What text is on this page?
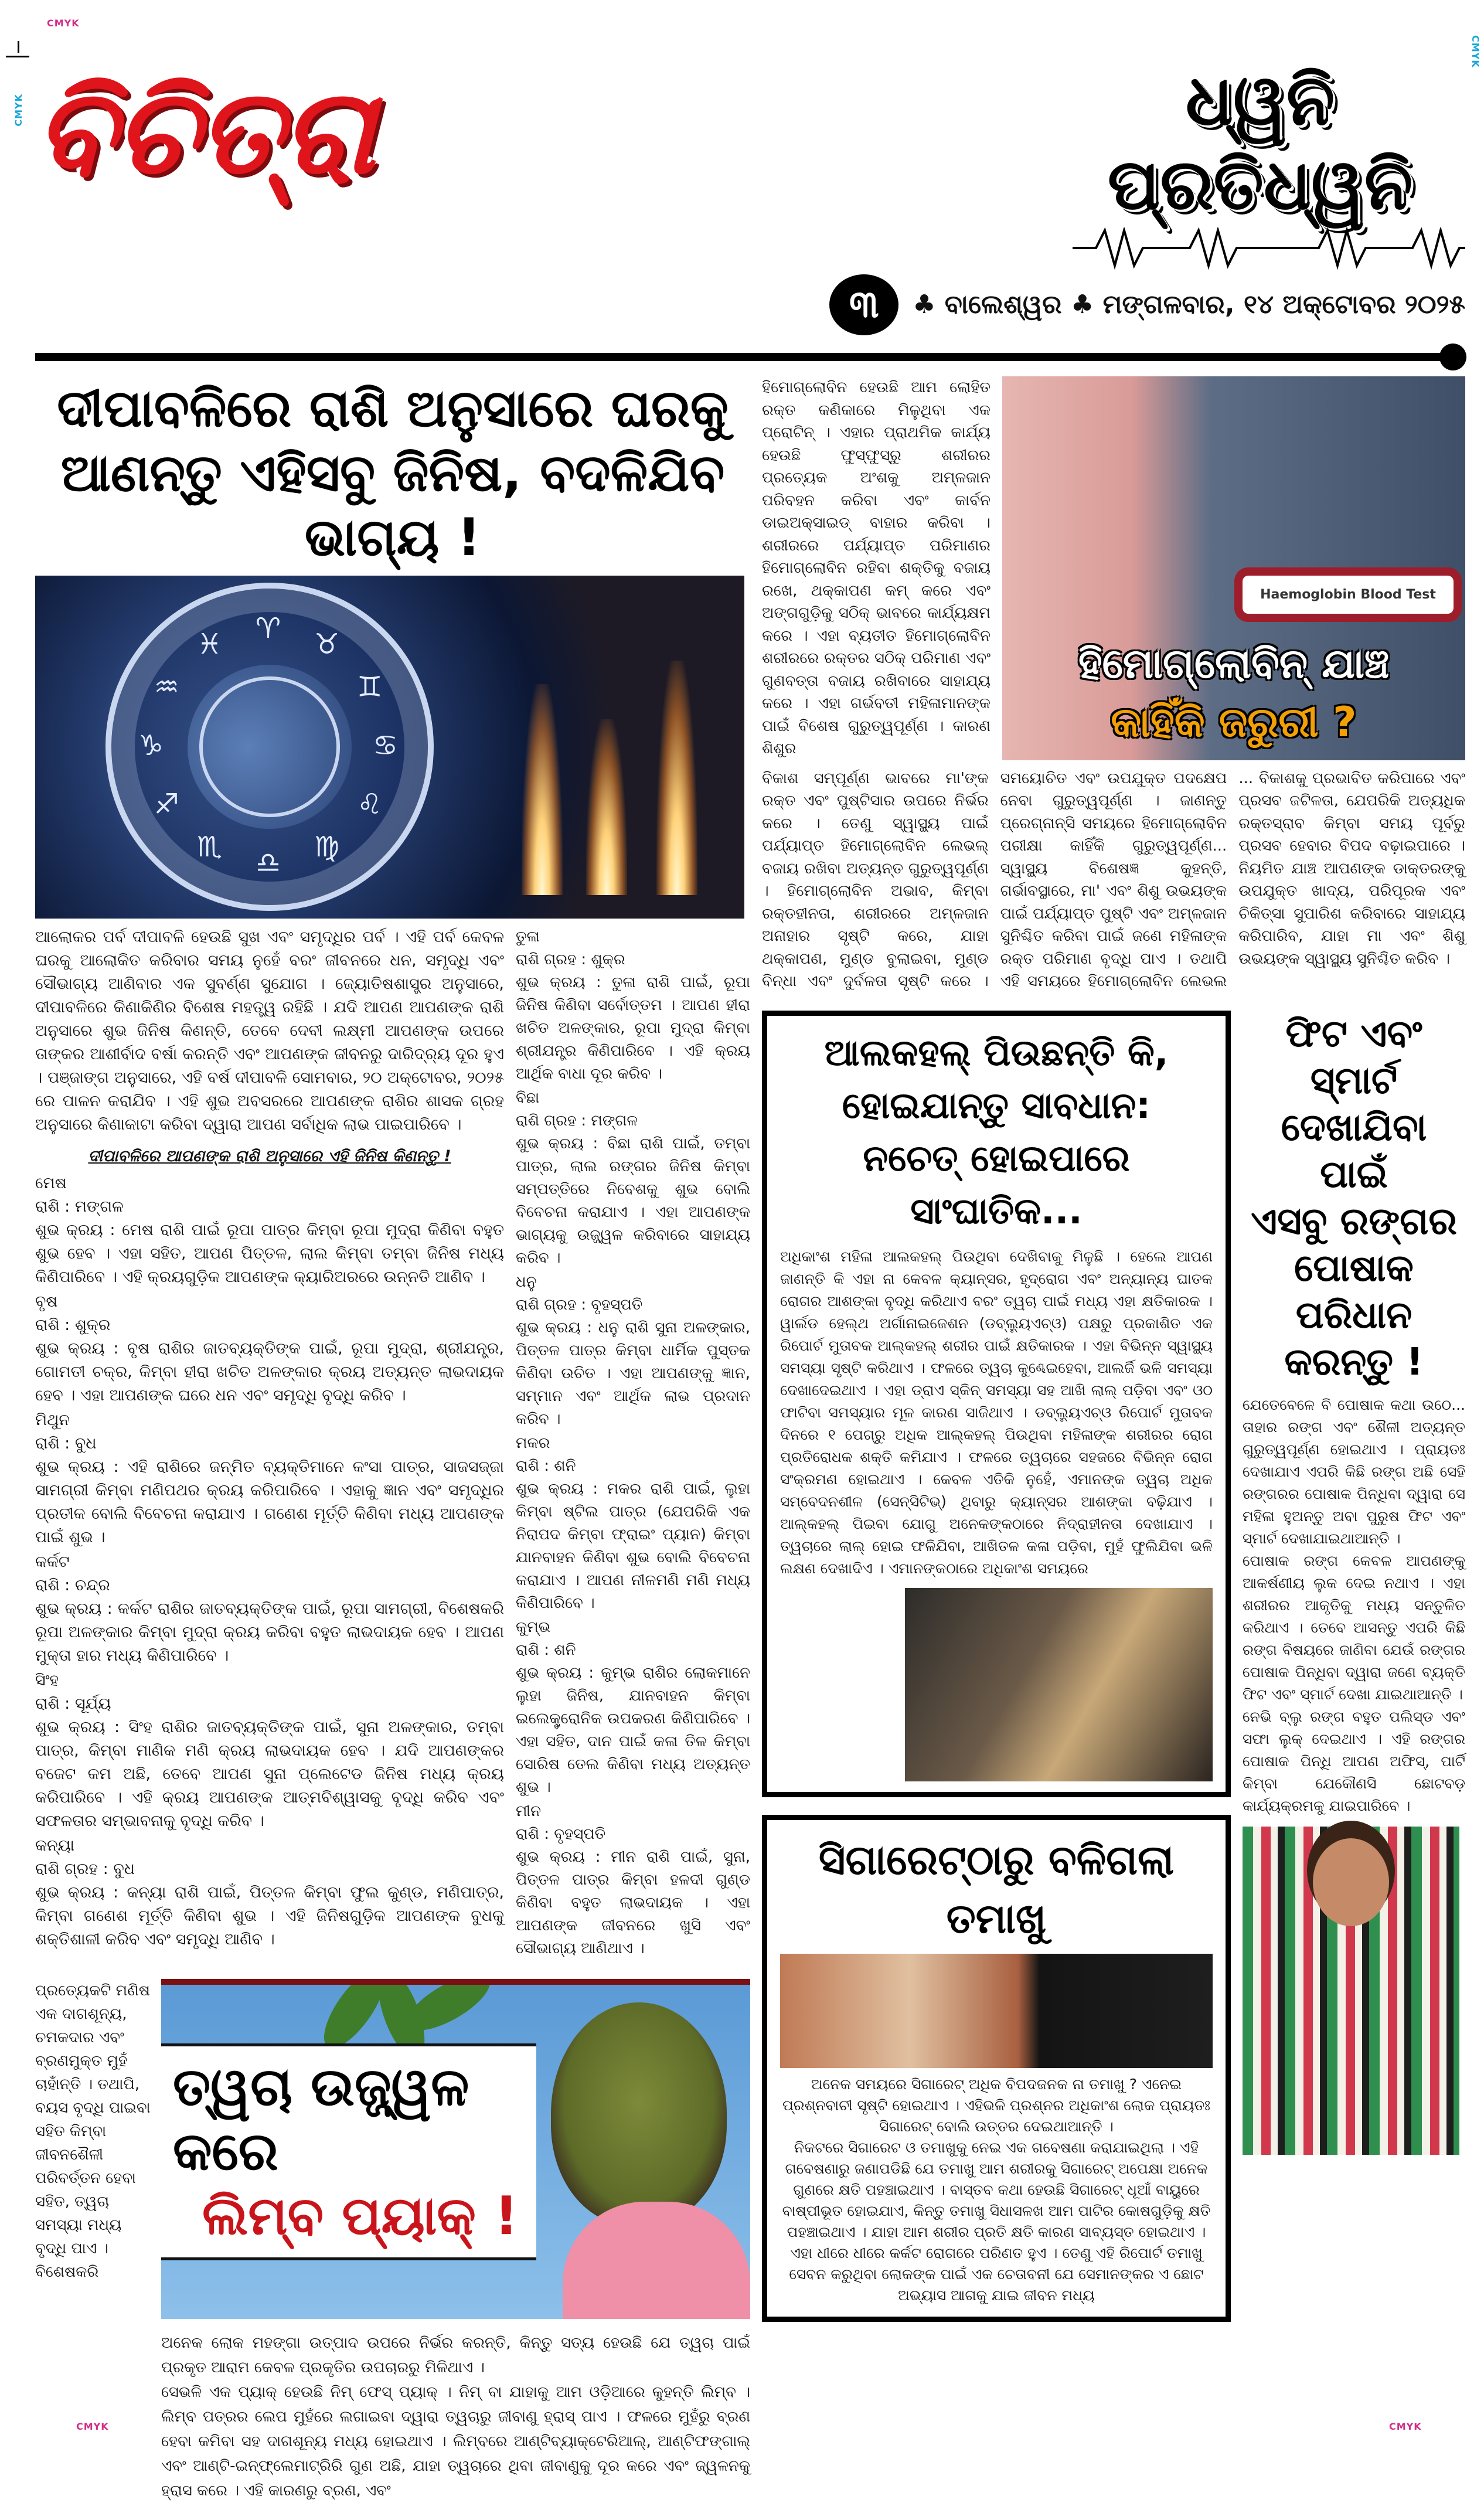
CMYK
CMYK
CMYK
CMYK	CMYK
ବିଚିତ୍ରା	ଧ୍ୱନି ପ୍ରତିଧ୍ୱନି
୩	♣ ବାଲେଶ୍ୱର ♣ ମଙ୍ଗଳବାର, ୧୪ ଅକ୍ଟୋବର ୨୦୨୫
ଦୀପାବଳିରେ ରାଶି ଅନୁସାରେ ଘରକୁ
ଆଣନ୍ତୁ ଏହିସବୁ ଜିନିଷ, ବଦଳିଯିବ ଭାଗ୍ୟ !
♈ ♉
♊
♋
♌
♍
♎
♏
♐
♑
♒
♓
ଆଲୋକର ପର୍ବ ଦୀପାବଳି ହେଉଛି ସୁଖ ଏବଂ ସମୃଦ୍ଧିର ପର୍ବ । ଏହି ପର୍ବ କେବଳ ଘରକୁ ଆଲୋକିତ କରିବାର ସମୟ ନୁହେଁ ବରଂ ଜୀବନରେ ଧନ, ସମୃଦ୍ଧି ଏବଂ ସୌଭାଗ୍ୟ ଆଣିବାର ଏକ ସୁବର୍ଣ୍ଣ ସୁଯୋଗ । ଜ୍ୟୋତିଷଶାସ୍ତ୍ର ଅନୁସାରେ, ଦୀପାବଳିରେ କିଣାକିଣିର ବିଶେଷ ମହତ୍ତ୍ୱ ରହିଛି । ଯଦି ଆପଣ ଆପଣଙ୍କ ରାଶି ଅନୁସାରେ ଶୁଭ ଜିନିଷ କିଣନ୍ତି, ତେବେ ଦେବୀ ଲକ୍ଷ୍ମୀ ଆପଣଙ୍କ ଉପରେ ତାଙ୍କର ଆଶୀର୍ବାଦ ବର୍ଷା କରନ୍ତି ଏବଂ ଆପଣଙ୍କ ଜୀବନରୁ ଦାରିଦ୍ର୍ୟ ଦୂର ହୁଏ । ପଞ୍ଜାଙ୍ଗ ଅନୁସାରେ, ଏହି ବର୍ଷ ଦୀପାବଳି ସୋମବାର, ୨୦ ଅକ୍ଟୋବର, ୨୦୨୫ ରେ ପାଳନ କରାଯିବ । ଏହି ଶୁଭ ଅବସରରେ ଆପଣଙ୍କ ରାଶିର ଶାସକ ଗ୍ରହ ଅନୁସାରେ କିଣାକାଟା କରିବା ଦ୍ୱାରା ଆପଣ ସର୍ବାଧିକ ଲାଭ ପାଇପାରିବେ ।
ଦୀପାବଳିରେ ଆପଣଙ୍କ ରାଶି ଅନୁସାରେ ଏହି ଜିନିଷ କିଣନ୍ତୁ !
ମେଷ
ରାଶି : ମଙ୍ଗଳ
ଶୁଭ କ୍ରୟ : ମେଷ ରାଶି ପାଇଁ ରୂପା ପାତ୍ର କିମ୍ବା ରୂପା ମୁଦ୍ରା କିଣିବା ବହୁତ ଶୁଭ ହେବ । ଏହା ସହିତ, ଆପଣ ପିତ୍ତଳ, ଲାଲ କିମ୍ବା ତମ୍ବା ଜିନିଷ ମଧ୍ୟ କିଣିପାରିବେ । ଏହି କ୍ରୟଗୁଡ଼ିକ ଆପଣଙ୍କ କ୍ୟାରିଅରରେ ଉନ୍ନତି ଆଣିବ ।
ବୃଷ
ରାଶି : ଶୁକ୍ର
ଶୁଭ କ୍ରୟ : ବୃଷ ରାଶିର ଜାତବ୍ୟକ୍ତିଙ୍କ ପାଇଁ, ରୂପା ମୁଦ୍ରା, ଶ୍ରୀଯନ୍ତ୍ର, ଗୋମତୀ ଚକ୍ର, କିମ୍ବା ହୀରା ଖଚିତ ଅଳଙ୍କାର କ୍ରୟ ଅତ୍ୟନ୍ତ ଲାଭଦାୟକ ହେବ । ଏହା ଆପଣଙ୍କ ଘରେ ଧନ ଏବଂ ସମୃଦ୍ଧି ବୃଦ୍ଧି କରିବ ।
ମିଥୁନ
ରାଶି : ବୁଧ
ଶୁଭ କ୍ରୟ : ଏହି ରାଶିରେ ଜନ୍ମିତ ବ୍ୟକ୍ତିମାନେ କଂସା ପାତ୍ର, ସାଜସଜ୍ଜା ସାମଗ୍ରୀ କିମ୍ବା ମଣିପଥର କ୍ରୟ କରିପାରିବେ । ଏହାକୁ ଜ୍ଞାନ ଏବଂ ସମୃଦ୍ଧିର ପ୍ରତୀକ ବୋଲି ବିବେଚନା କରାଯାଏ । ଗଣେଶ ମୂର୍ତ୍ତି କିଣିବା ମଧ୍ୟ ଆପଣଙ୍କ ପାଇଁ ଶୁଭ ।
କର୍କଟ
ରାଶି : ଚନ୍ଦ୍ର
ଶୁଭ କ୍ରୟ : କର୍କଟ ରାଶିର ଜାତବ୍ୟକ୍ତିଙ୍କ ପାଇଁ, ରୂପା ସାମଗ୍ରୀ, ବିଶେଷକରି ରୂପା ଅଳଙ୍କାର କିମ୍ବା ମୁଦ୍ରା କ୍ରୟ କରିବା ବହୁତ ଲାଭଦାୟକ ହେବ । ଆପଣ ମୁକ୍ତା ହାର ମଧ୍ୟ କିଣିପାରିବେ ।
ସିଂହ
ରାଶି : ସୂର୍ଯ୍ୟ
ଶୁଭ କ୍ରୟ : ସିଂହ ରାଶିର ଜାତବ୍ୟକ୍ତିଙ୍କ ପାଇଁ, ସୁନା ଅଳଙ୍କାର, ତମ୍ବା ପାତ୍ର, କିମ୍ବା ମାଣିକ ମଣି କ୍ରୟ ଲାଭଦାୟକ ହେବ । ଯଦି ଆପଣଙ୍କର ବଜେଟ କମ ଅଛି, ତେବେ ଆପଣ ସୁନା ପ୍ଲେଟେଡ ଜିନିଷ ମଧ୍ୟ କ୍ରୟ କରିପାରିବେ । ଏହି କ୍ରୟ ଆପଣଙ୍କ ଆତ୍ମବିଶ୍ୱାସକୁ ବୃଦ୍ଧି କରିବ ଏବଂ ସଫଳତାର ସମ୍ଭାବନାକୁ ବୃଦ୍ଧି କରିବ ।
କନ୍ୟା
ରାଶି ଗ୍ରହ : ବୁଧ
ଶୁଭ କ୍ରୟ : କନ୍ୟା ରାଶି ପାଇଁ, ପିତ୍ତଳ କିମ୍ବା ଫୁଲ କୁଣ୍ଡ, ମଣିପାତ୍ର, କିମ୍ବା ଗଣେଶ ମୂର୍ତ୍ତି କିଣିବା ଶୁଭ । ଏହି ଜିନିଷଗୁଡ଼ିକ ଆପଣଙ୍କ ବୁଧକୁ ଶକ୍ତିଶାଳୀ କରିବ ଏବଂ ସମୃଦ୍ଧି ଆଣିବ ।
ତୁଳା
ରାଶି ଗ୍ରହ : ଶୁକ୍ର
ଶୁଭ କ୍ରୟ : ତୁଳା ରାଶି ପାଇଁ, ରୂପା ଜିନିଷ କିଣିବା ସର୍ବୋତ୍ତମ । ଆପଣ ହୀରା ଖଚିତ ଅଳଙ୍କାର, ରୂପା ମୁଦ୍ରା କିମ୍ବା ଶ୍ରୀଯନ୍ତ୍ର କିଣିପାରିବେ । ଏହି କ୍ରୟ ଆର୍ଥିକ ବାଧା ଦୂର କରିବ ।
ବିଛା
ରାଶି ଗ୍ରହ : ମଙ୍ଗଳ
ଶୁଭ କ୍ରୟ : ବିଛା ରାଶି ପାଇଁ, ତମ୍ବା ପାତ୍ର, ଲାଲ ରଙ୍ଗର ଜିନିଷ କିମ୍ବା ସମ୍ପତ୍ତିରେ ନିବେଶକୁ ଶୁଭ ବୋଲି ବିବେଚନା କରାଯାଏ । ଏହା ଆପଣଙ୍କ ଭାଗ୍ୟକୁ ଉଜ୍ଜ୍ୱଳ କରିବାରେ ସାହାଯ୍ୟ କରିବ ।
ଧନୁ
ରାଶି ଗ୍ରହ : ବୃହସ୍ପତି
ଶୁଭ କ୍ରୟ : ଧନୁ ରାଶି ସୁନା ଅଳଙ୍କାର, ପିତ୍ତଳ ପାତ୍ର କିମ୍ବା ଧାର୍ମିକ ପୁସ୍ତକ କିଣିବା ଉଚିତ । ଏହା ଆପଣଙ୍କୁ ଜ୍ଞାନ, ସମ୍ମାନ ଏବଂ ଆର୍ଥିକ ଲାଭ ପ୍ରଦାନ କରିବ ।
ମକର
ରାଶି : ଶନି
ଶୁଭ କ୍ରୟ : ମକର ରାଶି ପାଇଁ, ଲୁହା କିମ୍ବା ଷ୍ଟିଲ ପାତ୍ର (ଯେପରିକି ଏକ ନିରାପଦ କିମ୍ବା ଫ୍ରାଇଂ ପ୍ୟାନ) କିମ୍ବା ଯାନବାହନ କିଣିବା ଶୁଭ ବୋଲି ବିବେଚନା କରାଯାଏ । ଆପଣ ନୀଳମଣି ମଣି ମଧ୍ୟ କିଣିପାରିବେ ।
କୁମ୍ଭ
ରାଶି : ଶନି
ଶୁଭ କ୍ରୟ : କୁମ୍ଭ ରାଶିର ଲୋକମାନେ ଲୁହା ଜିନିଷ, ଯାନବାହନ କିମ୍ବା ଇଲେକ୍ଟ୍ରୋନିକ ଉପକରଣ କିଣିପାରିବେ । ଏହା ସହିତ, ଦାନ ପାଇଁ କଳା ତିଳ କିମ୍ବା ସୋରିଷ ତେଲ କିଣିବା ମଧ୍ୟ ଅତ୍ୟନ୍ତ ଶୁଭ ।
ମୀନ
ରାଶି : ବୃହସ୍ପତି
ଶୁଭ କ୍ରୟ : ମୀନ ରାଶି ପାଇଁ, ସୁନା, ପିତ୍ତଳ ପାତ୍ର କିମ୍ବା ହଳଦୀ ଗୁଣ୍ଡ କିଣିବା ବହୁତ ଲାଭଦାୟକ । ଏହା ଆପଣଙ୍କ ଜୀବନରେ ଖୁସି ଏବଂ ସୌଭାଗ୍ୟ ଆଣିଥାଏ ।
ପ୍ରତ୍ୟେକଟି ମଣିଷ ଏକ ଦାଗଶୂନ୍ୟ, ଚମକଦାର ଏବଂ ବ୍ରଣମୁକ୍ତ ମୁହଁ ଚାହାଁନ୍ତି । ତଥାପି, ବୟସ ବୃଦ୍ଧି ପାଇବା ସହିତ କିମ୍ବା ଜୀବନଶୈଳୀ ପରିବର୍ତ୍ତନ ହେବା ସହିତ, ତ୍ୱଚା ସମସ୍ୟା ମଧ୍ୟ ବୃଦ୍ଧି ପାଏ । ବିଶେଷକରି
ତ୍ୱଚା ଉଜ୍ଜ୍ୱଳ କରେ
ଲିମ୍ବ ପ୍ୟାକ୍ !
ଅନେକ ଲୋକ ମହଙ୍ଗା ଉତ୍ପାଦ ଉପରେ ନିର୍ଭର କରନ୍ତି, କିନ୍ତୁ ସତ୍ୟ ହେଉଛି ଯେ ତ୍ୱଚା ପାଇଁ ପ୍ରକୃତ ଆରାମ କେବଳ ପ୍ରକୃତିର ଉପଚାରରୁ ମିଳିଥାଏ ।
ସେଭଳି ଏକ ପ୍ୟାକ୍ ହେଉଛି ନିମ୍ ଫେସ୍ ପ୍ୟାକ୍ । ନିମ୍ ବା ଯାହାକୁ ଆମ ଓଡ଼ିଆରେ କୁହନ୍ତି ଲିମ୍ବ । ଲିମ୍ବ ପତ୍ରର ଲେପ ମୁହଁରେ ଲଗାଇବା ଦ୍ୱାରା ତ୍ୱଚାରୁ ଜୀବାଣୁ ହ୍ରାସ୍ ପାଏ । ଫଳରେ ମୁହଁରୁ ବ୍ରଣ ହେବା କମିବା ସହ ଦାଗଶୂନ୍ୟ ମଧ୍ୟ ହୋଇଥାଏ । ଲିମ୍ବରେ ଆଣ୍ଟିବ୍ୟାକ୍ଟେରିଆଲ୍, ଆଣ୍ଟିଫଙ୍ଗାଲ୍ ଏବଂ ଆଣ୍ଟି-ଇନ୍‌ଫ୍ଲେମାଟ୍ରିରି ଗୁଣ ଅଛି, ଯାହା ତ୍ୱଚାରେ ଥିବା ଜୀବାଣୁକୁ ଦୂର କରେ ଏବଂ ଜ୍ୱଳନକୁ ହ୍ରାସ କରେ । ଏହି କାରଣରୁ ବ୍ରଣ, ଏବଂ
ହିମୋଗ୍ଲୋବିନ ହେଉଛି ଆମ ଲୋହିତ ରକ୍ତ କଣିକାରେ ମିଳୁଥିବା ଏକ ପ୍ରୋଟିନ୍ । ଏହାର ପ୍ରାଥମିକ କାର୍ଯ୍ୟ ହେଉଛି ଫୁସ୍‌ଫୁସ୍‌ରୁ ଶରୀରର ପ୍ରତ୍ୟେକ ଅଂଶକୁ ଅମ୍ଳଜାନ ପରିବହନ କରିବା ଏବଂ କାର୍ବନ ଡାଇଅକ୍ସାଇଡ୍ ବାହାର କରିବା । ଶରୀରରେ ପର୍ଯ୍ୟାପ୍ତ ପରିମାଣର ହିମୋଗ୍ଲୋବିନ ରହିବା ଶକ୍ତିକୁ ବଜାୟ ରଖେ, ଥକ୍କାପଣ କମ୍ କରେ ଏବଂ ଅଙ୍ଗଗୁଡ଼ିକୁ ସଠିକ୍ ଭାବରେ କାର୍ଯ୍ୟକ୍ଷମ କରେ । ଏହା ବ୍ୟତୀତ ହିମୋଗ୍ଲୋବିନ ଶରୀରରେ ରକ୍ତର ସଠିକ୍ ପରିମାଣ ଏବଂ ଗୁଣବତ୍ତା ବଜାୟ ରଖିବାରେ ସାହାଯ୍ୟ କରେ । ଏହା ଗର୍ଭବତୀ ମହିଳାମାନଙ୍କ ପାଇଁ ବିଶେଷ ଗୁରୁତ୍ୱପୂର୍ଣ୍ଣ । କାରଣ ଶିଶୁର
Haemoglobin Blood Test
ହିମୋଗ୍ଲୋବିନ୍ ଯାଞ୍ଚ
କାହିଁକି ଜରୁରୀ ?
ବିକାଶ ସମ୍ପୂର୍ଣ୍ଣ ଭାବରେ ମା'ଙ୍କ ରକ୍ତ ଏବଂ ପୁଷ୍ଟିସାର ଉପରେ ନିର୍ଭର କରେ । ତେଣୁ ସ୍ୱାସ୍ଥ୍ୟ ପାଇଁ ପର୍ଯ୍ୟାପ୍ତ ହିମୋଗ୍ଲୋବିନ ଲେଭଲ୍ ବଜାୟ ରଖିବା ଅତ୍ୟନ୍ତ ଗୁରୁତ୍ୱପୂର୍ଣ୍ଣ । ହିମୋଗ୍ଲୋବିନ ଅଭାବ, କିମ୍ବା ରକ୍ତହୀନତା, ଶରୀରରେ ଅମ୍ଳଜାନ ଅନାହାର ସୃଷ୍ଟି କରେ, ଯାହା ଥକ୍କାପଣ, ମୁଣ୍ଡ ବୁଲାଇବା, ମୁଣ୍ଡ ବିନ୍ଧା ଏବଂ ଦୁର୍ବଳତା ସୃଷ୍ଟି କରେ । ସମୟୋଚିତ ଏବଂ ଉପଯୁକ୍ତ ପଦକ୍ଷେପ ନେବା ଗୁରୁତ୍ୱପୂର୍ଣ୍ଣ । ଜାଣନ୍ତୁ ପ୍ରେଗ୍‌ନାନ୍ସି ସମୟରେ ହିମୋଗ୍ଲୋବିନ ପରୀକ୍ଷା କାହିଁକି ଗୁରୁତ୍ୱପୂର୍ଣ୍ଣ... ସ୍ୱାସ୍ଥ୍ୟ ବିଶେଷଜ୍ଞ କୁହନ୍ତି, ଗର୍ଭାବସ୍ଥାରେ, ମା' ଏବଂ ଶିଶୁ ଉଭୟଙ୍କ ପାଇଁ ପର୍ଯ୍ୟାପ୍ତ ପୁଷ୍ଟି ଏବଂ ଅମ୍ଳଜାନ ସୁନିଶ୍ଚିତ କରିବା ପାଇଁ ଜଣେ ମହିଳାଙ୍କ ରକ୍ତ ପରିମାଣ ବୃଦ୍ଧି ପାଏ । ତଥାପି ଏହି ସମୟରେ ହିମୋଗ୍ଲୋବିନ ଲେଭଲ ... ବିକାଶକୁ ପ୍ରଭାବିତ କରିପାରେ ଏବଂ ପ୍ରସବ ଜଟିଳତା, ଯେପରିକି ଅତ୍ୟଧିକ ରକ୍ତସ୍ରାବ କିମ୍ବା ସମୟ ପୂର୍ବରୁ ପ୍ରସବ ହେବାର ବିପଦ ବଢ଼ାଇପାରେ । ନିୟମିତ ଯାଞ୍ଚ ଆପଣଙ୍କ ଡାକ୍ତରଙ୍କୁ ଉପଯୁକ୍ତ ଖାଦ୍ୟ, ପରିପୂରକ ଏବଂ ଚିକିତ୍ସା ସୁପାରିଶ କରିବାରେ ସାହାଯ୍ୟ କରିପାରିବ, ଯାହା ମା ଏବଂ ଶିଶୁ ଉଭୟଙ୍କ ସ୍ୱାସ୍ଥ୍ୟ ସୁନିଶ୍ଚିତ କରିବ ।
ଆଲକହଲ୍ ପିଉଛନ୍ତି କି, ହୋଇଯାନ୍ତୁ ସାବଧାନ:
ନଚେତ୍ ହୋଇପାରେ ସାଂଘାତିକ...
ଅଧିକାଂଶ ମହିଳା ଆଲକହଲ୍ ପିଉଥିବା ଦେଖିବାକୁ ମିଳୁଛି । ହେଲେ ଆପଣ ଜାଣନ୍ତି କି ଏହା ନା କେବଳ କ୍ୟାନ୍‌ସର, ହୃଦ୍‌ରୋଗ ଏବଂ ଅନ୍ୟାନ୍ୟ ଘାତକ ରୋଗର ଆଶଙ୍କା ବୃଦ୍ଧି କରିଥାଏ ବରଂ ତ୍ୱଚା ପାଇଁ ମଧ୍ୟ ଏହା କ୍ଷତିକାରକ । ୱାର୍ଲଡ ହେଲ୍‌ଥ ଅର୍ଗାନାଇଜେଶନ (ଡବ୍ଲ୍ୟୁଏଚ୍‌ଓ) ପକ୍ଷରୁ ପ୍ରକାଶିତ ଏକ ରିପୋର୍ଟ ମୁତାବକ ଆଲ୍‌କହଲ୍ ଶରୀର ପାଇଁ କ୍ଷତିକାରକ । ଏହା ବିଭିନ୍ନ ସ୍ୱାସ୍ଥ୍ୟ ସମସ୍ୟା ସୃଷ୍ଟି କରିଥାଏ । ଫଳରେ ତ୍ୱଚା କୁଣ୍ଢେଇହେବା, ଆଲର୍ଜି ଭଳି ସମସ୍ୟା ଦେଖାଦେଇଥାଏ । ଏହା ଡ୍ରାଏ ସ୍କିନ୍ ସମସ୍ୟା ସହ ଆଖି ଲାଲ୍ ପଡ଼ିବା ଏବଂ ଓଠ ଫାଟିବା ସମସ୍ୟାର ମୂଳ କାରଣ ସାଜିଥାଏ । ଡବ୍ଲ୍ୟୁଏଚ୍‌ଓ ରିପୋର୍ଟ ମୁତାବକ ଦିନରେ ୧ ପେଗ୍‌ରୁ ଅଧିକ ଆଲ୍‌କହଲ୍ ପିଉଥିବା ମହିଳାଙ୍କ ଶରୀରର ରୋଗ ପ୍ରତିରୋଧକ ଶକ୍ତି କମିଯାଏ । ଫଳରେ ତ୍ୱଚାରେ ସହଜରେ ବିଭିନ୍ନ ରୋଗ ସଂକ୍ରମଣ ହୋଇଥାଏ । କେବଳ ଏତିକି ନୁହେଁ, ଏମାନଙ୍କ ତ୍ୱଚା ଅଧିକ ସମ୍ବେଦନଶୀଳ (ସେନ୍‌ସିଟିଭ୍) ଥିବାରୁ କ୍ୟାନ୍‌ସର ଆଶଙ୍କା ବଢ଼ିଯାଏ । ଆଲ୍‌କହଲ୍ ପିଇବା ଯୋଗୁ ଅନେକଙ୍କଠାରେ ନିଦ୍ରାହୀନତା ଦେଖାଯାଏ । ତ୍ୱଚାରେ ଲାଲ୍ ହୋଇ ଫଳିଯିବା, ଆଖିତଳ କଳା ପଡ଼ିବା, ମୁହଁ ଫୁଲିଯିବା ଭଳି ଲକ୍ଷଣ ଦେଖାଦିଏ । ଏମାନଙ୍କଠାରେ ଅଧିକାଂଶ ସମୟରେ
ସିଗାରେଟ୍‌ଠାରୁ ବଳିଗଲା ତମାଖୁ
ଅନେକ ସମୟରେ ସିଗାରେଟ୍ ଅଧିକ ବିପଦଜନକ ନା ତମାଖୁ ? ଏନେଇ ପ୍ରଶ୍ନବାଚୀ ସୃଷ୍ଟି ହୋଇଥାଏ । ଏହିଭଳି ପ୍ରଶ୍ନର ଅଧିକାଂଶ ଲୋକ ପ୍ରାୟତଃ ସିଗାରେଟ୍ ବୋଲି ଉତ୍ତର ଦେଇଥାଆନ୍ତି ।
ନିକଟରେ ସିଗାରେଟ ଓ ତମାଖୁକୁ ନେଇ ଏକ ଗବେଷଣା କରାଯାଇଥିଲା । ଏହି ଗବେଷଣାରୁ ଜଣାପଡିଛି ଯେ ତମାଖୁ ଆମ ଶରୀରକୁ ସିଗାରେଟ୍ ଅପେକ୍ଷା ଅନେକ ଗୁଣରେ କ୍ଷତି ପହଞ୍ଚାଇଥାଏ । ବାସ୍ତବ କଥା ହେଉଛି ସିଗାରେଟ୍ ଧୂଆଁ ବାୟୁରେ ବାଷ୍ପୀଭୂତ ହୋଇଯାଏ, କିନ୍ତୁ ତମାଖୁ ସିଧାସଳଖ ଆମ ପାଟିର କୋଷଗୁଡ଼ିକୁ କ୍ଷତି ପହଞ୍ଚାଇଥାଏ । ଯାହା ଆମ ଶରୀର ପ୍ରତି କ୍ଷତି କାରଣ ସାବ୍ୟସ୍ତ ହୋଇଥାଏ । ଏହା ଧୀରେ ଧୀରେ କର୍କଟ ରୋଗରେ ପରିଣତ ହୁଏ । ତେଣୁ ଏହି ରିପୋର୍ଟ ତମାଖୁ ସେବନ କରୁଥିବା ଲୋକଙ୍କ ପାଇଁ ଏକ ଚେତାବନୀ ଯେ ସେମାନଙ୍କର ଏ ଛୋଟ ଅଭ୍ୟାସ ଆଗକୁ ଯାଇ ଜୀବନ ମଧ୍ୟ
ଫିଟ ଏବଂ ସ୍ମାର୍ଟ
ଦେଖାଯିବା ପାଇଁ
ଏସବୁ ରଙ୍ଗର
ପୋଷାକ ପରିଧାନ
କରନ୍ତୁ !
ଯେତେବେଳେ ବି ପୋଷାକ କଥା ଉଠେ... ତାହାର ରଙ୍ଗ ଏବଂ ଶୈଳୀ ଅତ୍ୟନ୍ତ ଗୁରୁତ୍ୱପୂର୍ଣ୍ଣ ହୋଇଥାଏ । ପ୍ରାୟତଃ ଦେଖାଯାଏ ଏପରି କିଛି ରଙ୍ଗ ଅଛି ସେହି ରଙ୍ଗରର ପୋଷାକ ପିନ୍ଧିବା ଦ୍ୱାରା ସେ ମହିଳା ହୁଅନ୍ତୁ ଅବା ପୁରୁଷ ଫିଟ ଏବଂ ସ୍ମାର୍ଟ ଦେଖାଯାଇଥାଆନ୍ତି ।
ପୋଷାକ ରଙ୍ଗ କେବଳ ଆପଣଙ୍କୁ ଆକର୍ଷଣୀୟ ଲୁକ ଦେଇ ନଥାଏ । ଏହା ଶରୀରର ଆକୃତିକୁ ମଧ୍ୟ ସନ୍ତୁଳିତ କରିଥାଏ । ତେବେ ଆସନ୍ତୁ ଏପରି କିଛି ରଙ୍ଗ ବିଷୟରେ ଜାଣିବା ଯେଉଁ ରଙ୍ଗର ପୋଷାକ ପିନ୍ଧିବା ଦ୍ୱାରା ଜଣେ ବ୍ୟକ୍ତି ଫିଟ ଏବଂ ସ୍ମାର୍ଟ ଦେଖା ଯାଇଥାଆନ୍ତି ।
ନେଭି ବ୍ଲୁ ରଙ୍ଗ ବହୁତ ପଲିସ୍ଡ ଏବଂ ସଫା ଲୁକ୍ ଦେଇଥାଏ । ଏହି ରଙ୍ଗର ପୋଷାକ ପିନ୍ଧି ଆପଣ ଅଫିସ୍, ପାର୍ଟି କିମ୍ବା ଯେକୌଣସି ଛୋଟବଡ଼ କାର୍ଯ୍ୟକ୍ରମକୁ ଯାଇପାରିବେ ।
